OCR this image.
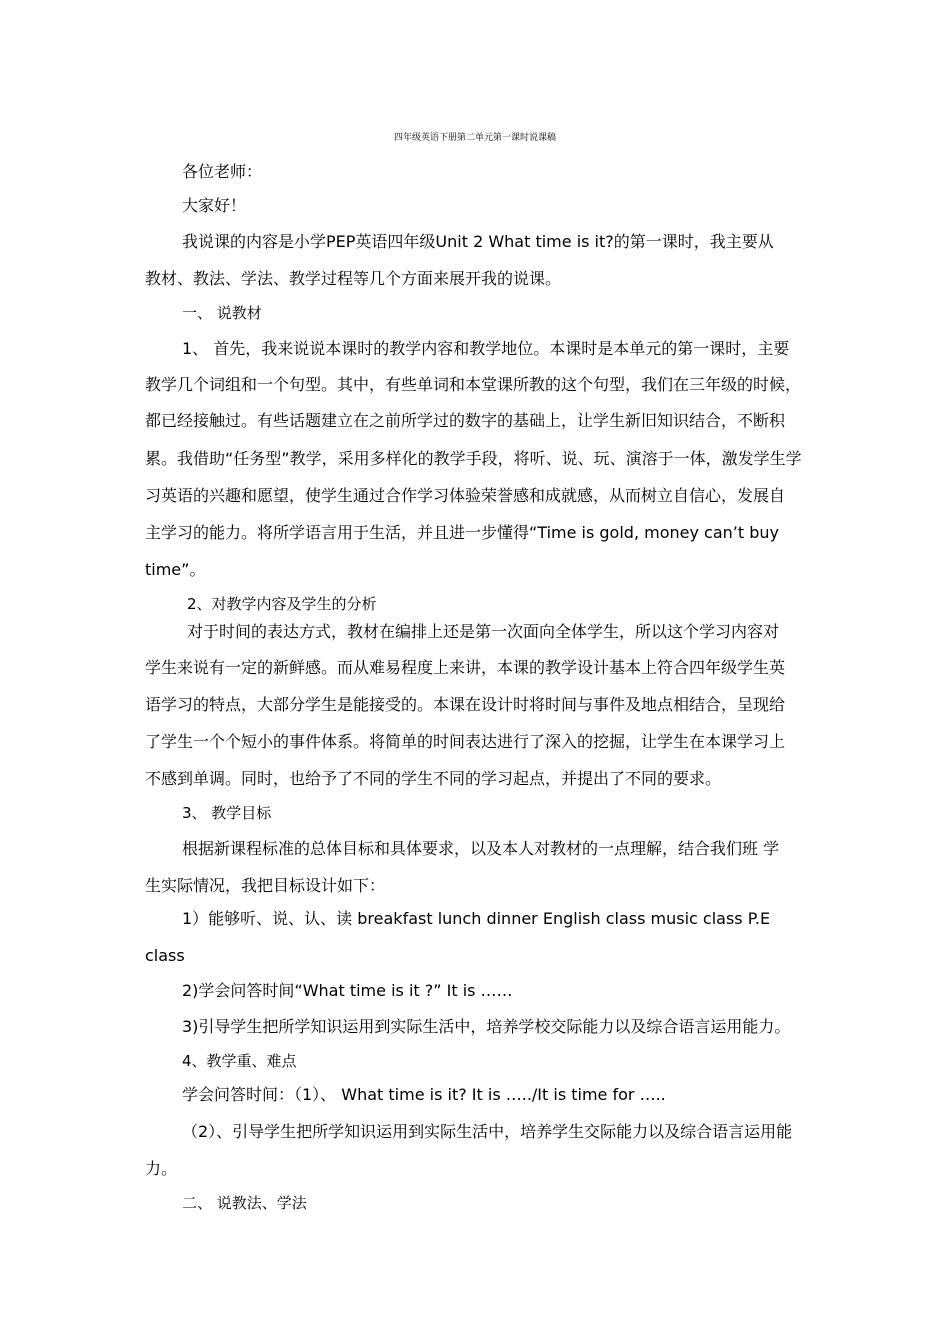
四年级英语下册第二单元第一课时说课稿
各位老师：
大家好！
我说课的内容是小学PEP英语四年级Unit 2 What time is it?的第一课时，我主要从
教材、教法、学法、教学过程等几个方面来展开我的说课。
一、 说教材
1、 首先，我来说说本课时的教学内容和教学地位。本课时是本单元的第一课时，主要
教学几个词组和一个句型。其中，有些单词和本堂课所教的这个句型，我们在三年级的时候，
都已经接触过。有些话题建立在之前所学过的数字的基础上，让学生新旧知识结合，不断积
累。我借助“任务型”教学，采用多样化的教学手段，将听、说、玩、演溶于一体，激发学生学
习英语的兴趣和愿望，使学生通过合作学习体验荣誉感和成就感，从而树立自信心，发展自
主学习的能力。将所学语言用于生活，并且进一步懂得“Time is gold, money can’t buy
time”。
2、对教学内容及学生的分析
对于时间的表达方式，教材在编排上还是第一次面向全体学生，所以这个学习内容对
学生来说有一定的新鲜感。而从难易程度上来讲，本课的教学设计基本上符合四年级学生英
语学习的特点，大部分学生是能接受的。本课在设计时将时间与事件及地点相结合，呈现给
了学生一个个短小的事件体系。将简单的时间表达进行了深入的挖掘，让学生在本课学习上
不感到单调。同时，也给予了不同的学生不同的学习起点，并提出了不同的要求。
3、 教学目标
根据新课程标准的总体目标和具体要求，以及本人对教材的一点理解，结合我们班 学
生实际情况，我把目标设计如下：
1）能够听、说、认、读 breakfast lunch dinner English class music class P.E
class
2)学会问答时间“What time is it ?” It is ……
3)引导学生把所学知识运用到实际生活中，培养学校交际能力以及综合语言运用能力。
4、教学重、难点
学会问答时间：（1）、 What time is it? It is …../It is time for …..
（2）、引导学生把所学知识运用到实际生活中，培养学生交际能力以及综合语言运用能
力。
二、 说教法、学法
